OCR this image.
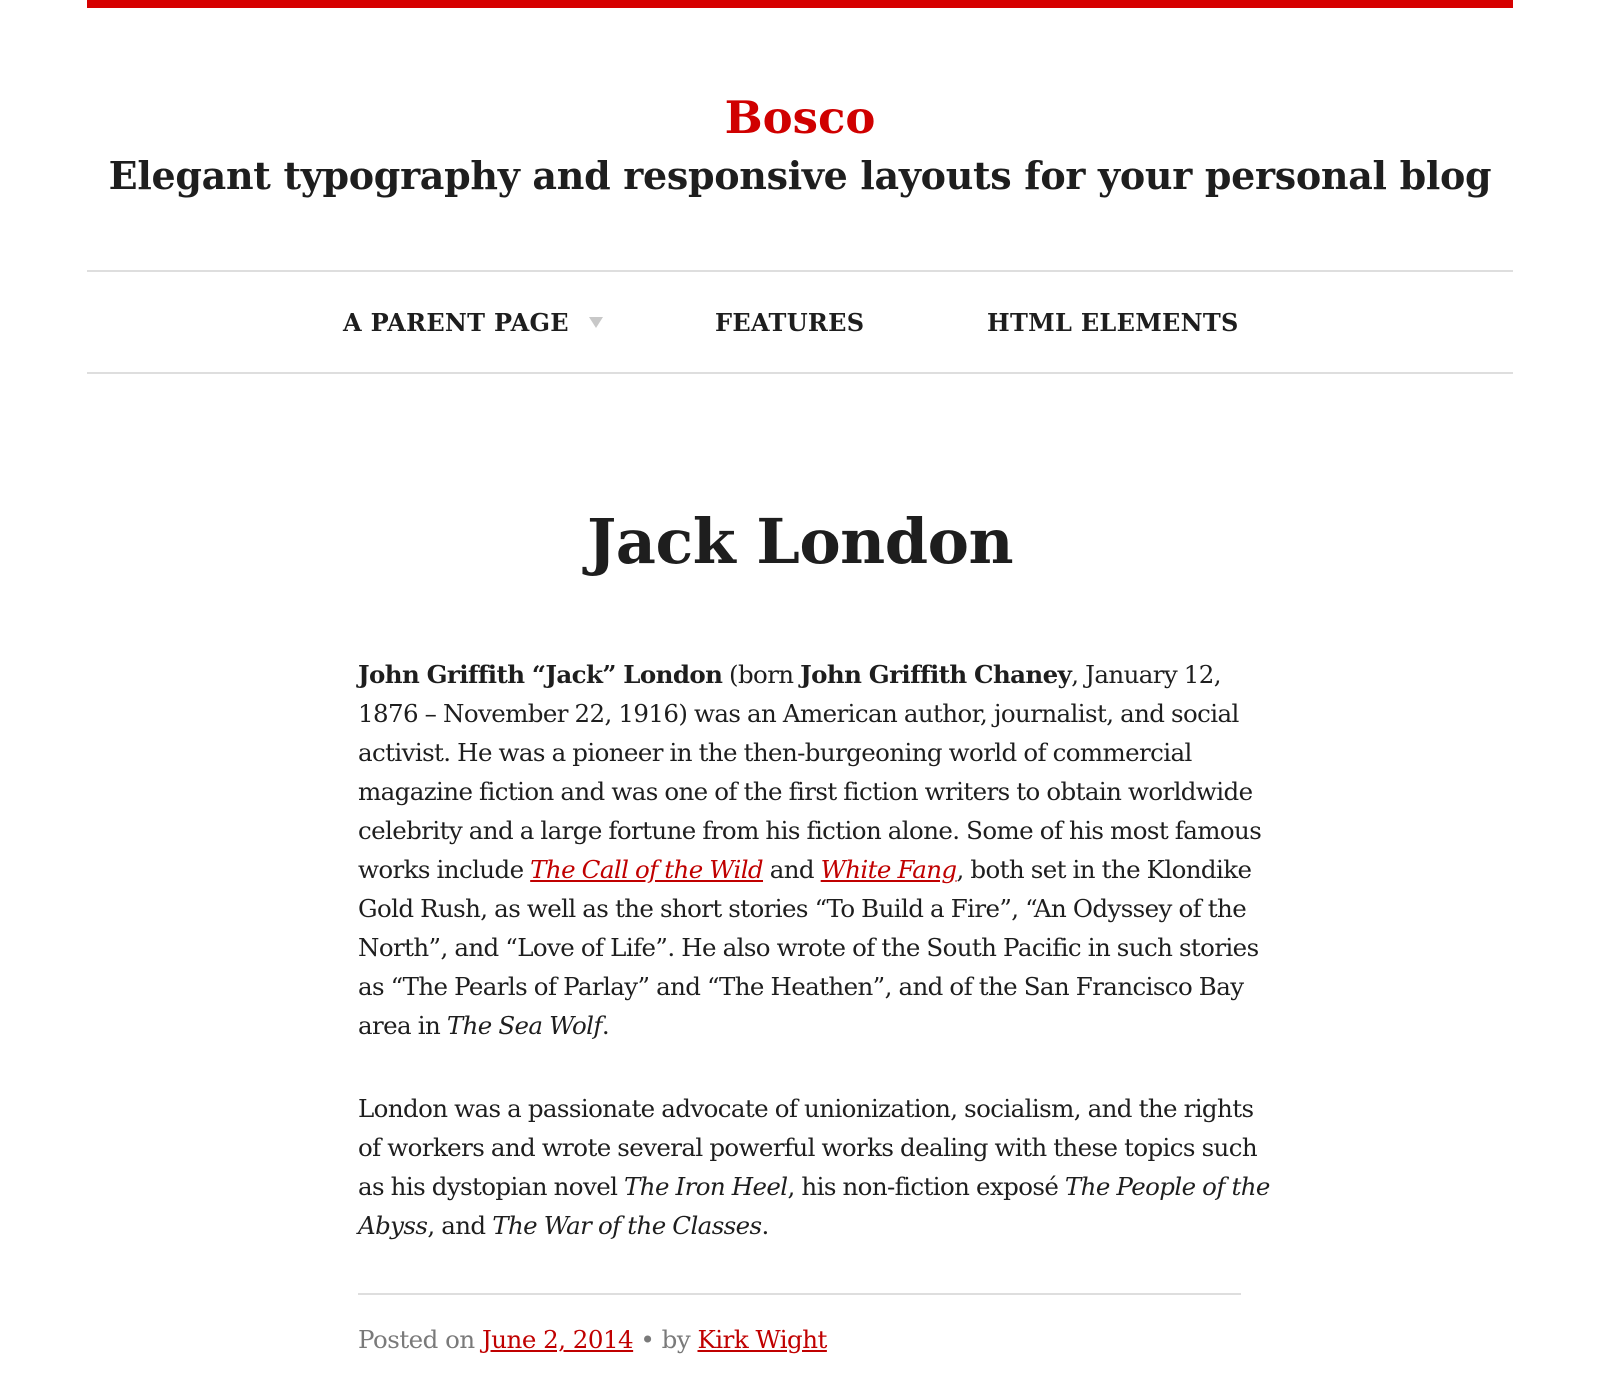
Bosco

Elegant typography and responsive layouts for your personal blog

A PARENT PAGE	FEATURES	HTML ELEMENTS
Jack London

John Griffith “Jack” London (born John Griffith Chaney, January 12, 1876 – November 22, 1916) was an American author, journalist, and social activist. He was a pioneer in the then-burgeoning world of commercial magazine fiction and was one of the first fiction writers to obtain worldwide celebrity and a large fortune from his fiction alone. Some of his most famous works include The Call of the Wild and White Fang, both set in the Klondike Gold Rush, as well as the short stories “To Build a Fire”, “An Odyssey of the North”, and “Love of Life”. He also wrote of the South Pacific in such stories as “The Pearls of Parlay” and “The Heathen”, and of the San Francisco Bay area in The Sea Wolf.

London was a passionate advocate of unionization, socialism, and the rights of workers and wrote several powerful works dealing with these topics such as his dystopian novel The Iron Heel, his non-fiction exposé The People of the Abyss, and The War of the Classes.

Posted on June 2, 2014 • by Kirk Wight
